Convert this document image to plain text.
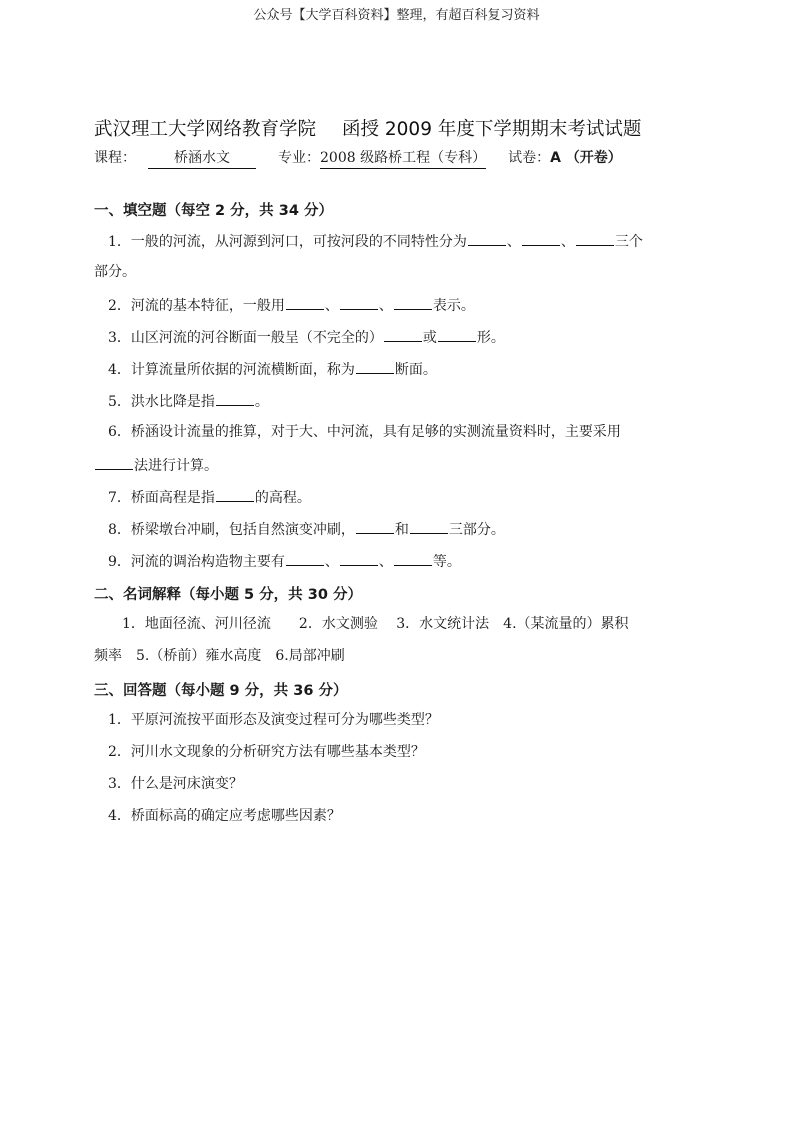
公众号【大学百科资料】整理，有超百科复习资料
武汉理工大学网络教育学院 函授 2009 年度下学期期末考试试题
课程：	桥涵水文	专业：2008 级路桥工程（专科） 试卷：A （开卷）
一、填空题（每空 2 分，共 34 分）
1．一般的河流，从河源到河口，可按河段的不同特性分为	、	、	三个
部分。
2．河流的基本特征，一般用	、	、	表示。
3．山区河流的河谷断面一般呈（不完全的）	或	形。
4．计算流量所依据的河流横断面，称为	断面。
5．洪水比降是指	。
6．桥涵设计流量的推算，对于大、中河流，具有足够的实测流量资料时，主要采用
法进行计算。
7．桥面高程是指	的高程。
8．桥梁墩台冲刷，包括自然演变冲刷，	和	三部分。
9．河流的调治构造物主要有	、	、	等。
二、名词解释（每小题 5 分，共 30 分）
1．地面径流、河川径流　　2．水文测验　 3．水文统计法　4.（某流量的）累积
频率　5.（桥前）雍水高度　6.局部冲刷
三、回答题（每小题 9 分，共 36 分）
1．平原河流按平面形态及演变过程可分为哪些类型？
2．河川水文现象的分析研究方法有哪些基本类型？
3．什么是河床演变？
4．桥面标高的确定应考虑哪些因素？
